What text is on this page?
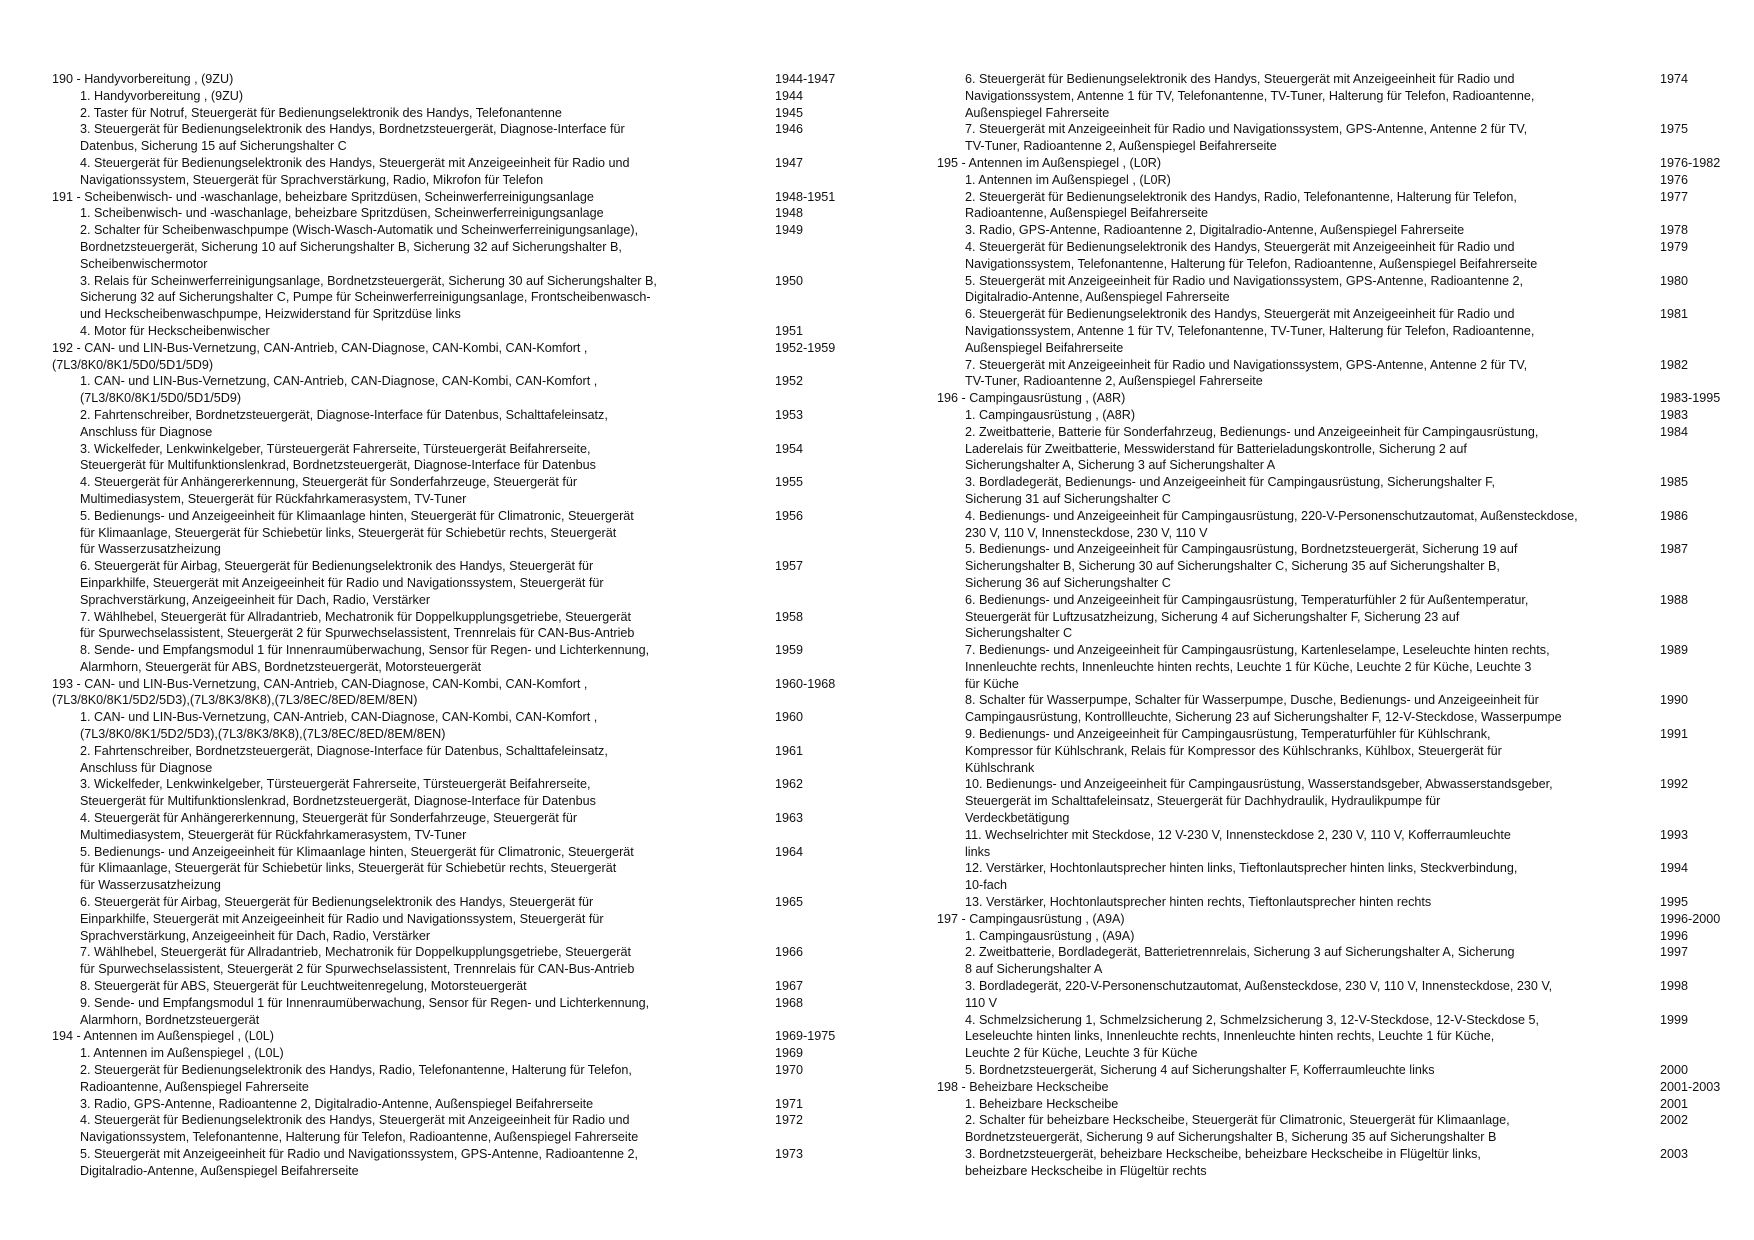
190 - Handyvorbereitung , (9ZU)	1944-1947
1. Handyvorbereitung , (9ZU)	1944
2. Taster für Notruf, Steuergerät für Bedienungselektronik des Handys, Telefonantenne	1945
3. Steuergerät für Bedienungselektronik des Handys, Bordnetzsteuergerät, Diagnose-Interface für
Datenbus, Sicherung 15 auf Sicherungshalter C
1946
4. Steuergerät für Bedienungselektronik des Handys, Steuergerät mit Anzeigeeinheit für Radio und
Navigationssystem, Steuergerät für Sprachverstärkung, Radio, Mikrofon für Telefon
1947
191 - Scheibenwisch- und -waschanlage, beheizbare Spritzdüsen, Scheinwerferreinigungsanlage	1948-1951
1. Scheibenwisch- und -waschanlage, beheizbare Spritzdüsen, Scheinwerferreinigungsanlage	1948
2. Schalter für Scheibenwaschpumpe (Wisch-Wasch-Automatik und Scheinwerferreinigungsanlage),
Bordnetzsteuergerät, Sicherung 10 auf Sicherungshalter B, Sicherung 32 auf Sicherungshalter B,
Scheibenwischermotor
1949
3. Relais für Scheinwerferreinigungsanlage, Bordnetzsteuergerät, Sicherung 30 auf Sicherungshalter B,
Sicherung 32 auf Sicherungshalter C, Pumpe für Scheinwerferreinigungsanlage, Frontscheibenwasch-
und Heckscheibenwaschpumpe, Heizwiderstand für Spritzdüse links
1950
4. Motor für Heckscheibenwischer	1951
192 - CAN- und LIN-Bus-Vernetzung, CAN-Antrieb, CAN-Diagnose, CAN-Kombi, CAN-Komfort ,
(7L3/8K0/8K1/5D0/5D1/5D9)
1952-1959
1. CAN- und LIN-Bus-Vernetzung, CAN-Antrieb, CAN-Diagnose, CAN-Kombi, CAN-Komfort ,
(7L3/8K0/8K1/5D0/5D1/5D9)
1952
2. Fahrtenschreiber, Bordnetzsteuergerät, Diagnose-Interface für Datenbus, Schalttafeleinsatz,
Anschluss für Diagnose
1953
3. Wickelfeder, Lenkwinkelgeber, Türsteuergerät Fahrerseite, Türsteuergerät Beifahrerseite,
Steuergerät für Multifunktionslenkrad, Bordnetzsteuergerät, Diagnose-Interface für Datenbus
1954
4. Steuergerät für Anhängererkennung, Steuergerät für Sonderfahrzeuge, Steuergerät für
Multimediasystem, Steuergerät für Rückfahrkamerasystem, TV-Tuner
1955
5. Bedienungs- und Anzeigeeinheit für Klimaanlage hinten, Steuergerät für Climatronic, Steuergerät
für Klimaanlage, Steuergerät für Schiebetür links, Steuergerät für Schiebetür rechts, Steuergerät
für Wasserzusatzheizung
1956
6. Steuergerät für Airbag, Steuergerät für Bedienungselektronik des Handys, Steuergerät für
Einparkhilfe, Steuergerät mit Anzeigeeinheit für Radio und Navigationssystem, Steuergerät für
Sprachverstärkung, Anzeigeeinheit für Dach, Radio, Verstärker
1957
7. Wählhebel, Steuergerät für Allradantrieb, Mechatronik für Doppelkupplungsgetriebe, Steuergerät
für Spurwechselassistent, Steuergerät 2 für Spurwechselassistent, Trennrelais für CAN-Bus-Antrieb
1958
8. Sende- und Empfangsmodul 1 für Innenraumüberwachung, Sensor für Regen- und Lichterkennung,
Alarmhorn, Steuergerät für ABS, Bordnetzsteuergerät, Motorsteuergerät
1959
193 - CAN- und LIN-Bus-Vernetzung, CAN-Antrieb, CAN-Diagnose, CAN-Kombi, CAN-Komfort ,
(7L3/8K0/8K1/5D2/5D3),(7L3/8K3/8K8),(7L3/8EC/8ED/8EM/8EN)
1960-1968
1. CAN- und LIN-Bus-Vernetzung, CAN-Antrieb, CAN-Diagnose, CAN-Kombi, CAN-Komfort ,
(7L3/8K0/8K1/5D2/5D3),(7L3/8K3/8K8),(7L3/8EC/8ED/8EM/8EN)
1960
2. Fahrtenschreiber, Bordnetzsteuergerät, Diagnose-Interface für Datenbus, Schalttafeleinsatz,
Anschluss für Diagnose
1961
3. Wickelfeder, Lenkwinkelgeber, Türsteuergerät Fahrerseite, Türsteuergerät Beifahrerseite,
Steuergerät für Multifunktionslenkrad, Bordnetzsteuergerät, Diagnose-Interface für Datenbus
1962
4. Steuergerät für Anhängererkennung, Steuergerät für Sonderfahrzeuge, Steuergerät für
Multimediasystem, Steuergerät für Rückfahrkamerasystem, TV-Tuner
1963
5. Bedienungs- und Anzeigeeinheit für Klimaanlage hinten, Steuergerät für Climatronic, Steuergerät
für Klimaanlage, Steuergerät für Schiebetür links, Steuergerät für Schiebetür rechts, Steuergerät
für Wasserzusatzheizung
1964
6. Steuergerät für Airbag, Steuergerät für Bedienungselektronik des Handys, Steuergerät für
Einparkhilfe, Steuergerät mit Anzeigeeinheit für Radio und Navigationssystem, Steuergerät für
Sprachverstärkung, Anzeigeeinheit für Dach, Radio, Verstärker
1965
7. Wählhebel, Steuergerät für Allradantrieb, Mechatronik für Doppelkupplungsgetriebe, Steuergerät
für Spurwechselassistent, Steuergerät 2 für Spurwechselassistent, Trennrelais für CAN-Bus-Antrieb
1966
8. Steuergerät für ABS, Steuergerät für Leuchtweitenregelung, Motorsteuergerät	1967
9. Sende- und Empfangsmodul 1 für Innenraumüberwachung, Sensor für Regen- und Lichterkennung,
Alarmhorn, Bordnetzsteuergerät
1968
194 - Antennen im Außenspiegel , (L0L)	1969-1975
1. Antennen im Außenspiegel , (L0L)	1969
2. Steuergerät für Bedienungselektronik des Handys, Radio, Telefonantenne, Halterung für Telefon,
Radioantenne, Außenspiegel Fahrerseite
1970
3. Radio, GPS-Antenne, Radioantenne 2, Digitalradio-Antenne, Außenspiegel Beifahrerseite	1971
4. Steuergerät für Bedienungselektronik des Handys, Steuergerät mit Anzeigeeinheit für Radio und
Navigationssystem, Telefonantenne, Halterung für Telefon, Radioantenne, Außenspiegel Fahrerseite
1972
5. Steuergerät mit Anzeigeeinheit für Radio und Navigationssystem, GPS-Antenne, Radioantenne 2,
Digitalradio-Antenne, Außenspiegel Beifahrerseite
1973
6. Steuergerät für Bedienungselektronik des Handys, Steuergerät mit Anzeigeeinheit für Radio und
Navigationssystem, Antenne 1 für TV, Telefonantenne, TV-Tuner, Halterung für Telefon, Radioantenne,
Außenspiegel Fahrerseite
1974
7. Steuergerät mit Anzeigeeinheit für Radio und Navigationssystem, GPS-Antenne, Antenne 2 für TV,
TV-Tuner, Radioantenne 2, Außenspiegel Beifahrerseite
1975
195 - Antennen im Außenspiegel , (L0R)	1976-1982
1. Antennen im Außenspiegel , (L0R)	1976
2. Steuergerät für Bedienungselektronik des Handys, Radio, Telefonantenne, Halterung für Telefon,
Radioantenne, Außenspiegel Beifahrerseite
1977
3. Radio, GPS-Antenne, Radioantenne 2, Digitalradio-Antenne, Außenspiegel Fahrerseite	1978
4. Steuergerät für Bedienungselektronik des Handys, Steuergerät mit Anzeigeeinheit für Radio und
Navigationssystem, Telefonantenne, Halterung für Telefon, Radioantenne, Außenspiegel Beifahrerseite
1979
5. Steuergerät mit Anzeigeeinheit für Radio und Navigationssystem, GPS-Antenne, Radioantenne 2,
Digitalradio-Antenne, Außenspiegel Fahrerseite
1980
6. Steuergerät für Bedienungselektronik des Handys, Steuergerät mit Anzeigeeinheit für Radio und
Navigationssystem, Antenne 1 für TV, Telefonantenne, TV-Tuner, Halterung für Telefon, Radioantenne,
Außenspiegel Beifahrerseite
1981
7. Steuergerät mit Anzeigeeinheit für Radio und Navigationssystem, GPS-Antenne, Antenne 2 für TV,
TV-Tuner, Radioantenne 2, Außenspiegel Fahrerseite
1982
196 - Campingausrüstung , (A8R)	1983-1995
1. Campingausrüstung , (A8R)	1983
2. Zweitbatterie, Batterie für Sonderfahrzeug, Bedienungs- und Anzeigeeinheit für Campingausrüstung,
Laderelais für Zweitbatterie, Messwiderstand für Batterieladungskontrolle, Sicherung 2 auf
Sicherungshalter A, Sicherung 3 auf Sicherungshalter A
1984
3. Bordladegerät, Bedienungs- und Anzeigeeinheit für Campingausrüstung, Sicherungshalter F,
Sicherung 31 auf Sicherungshalter C
1985
4. Bedienungs- und Anzeigeeinheit für Campingausrüstung, 220-V-Personenschutzautomat, Außensteckdose,
230 V, 110 V, Innensteckdose, 230 V, 110 V
1986
5. Bedienungs- und Anzeigeeinheit für Campingausrüstung, Bordnetzsteuergerät, Sicherung 19 auf
Sicherungshalter B, Sicherung 30 auf Sicherungshalter C, Sicherung 35 auf Sicherungshalter B,
Sicherung 36 auf Sicherungshalter C
1987
6. Bedienungs- und Anzeigeeinheit für Campingausrüstung, Temperaturfühler 2 für Außentemperatur,
Steuergerät für Luftzusatzheizung, Sicherung 4 auf Sicherungshalter F, Sicherung 23 auf
Sicherungshalter C
1988
7. Bedienungs- und Anzeigeeinheit für Campingausrüstung, Kartenleselampe, Leseleuchte hinten rechts,
Innenleuchte rechts, Innenleuchte hinten rechts, Leuchte 1 für Küche, Leuchte 2 für Küche, Leuchte 3
für Küche
1989
8. Schalter für Wasserpumpe, Schalter für Wasserpumpe, Dusche, Bedienungs- und Anzeigeeinheit für
Campingausrüstung, Kontrollleuchte, Sicherung 23 auf Sicherungshalter F, 12-V-Steckdose, Wasserpumpe
1990
9. Bedienungs- und Anzeigeeinheit für Campingausrüstung, Temperaturfühler für Kühlschrank,
Kompressor für Kühlschrank, Relais für Kompressor des Kühlschranks, Kühlbox, Steuergerät für
Kühlschrank
1991
10. Bedienungs- und Anzeigeeinheit für Campingausrüstung, Wasserstandsgeber, Abwasserstandsgeber,
Steuergerät im Schalttafeleinsatz, Steuergerät für Dachhydraulik, Hydraulikpumpe für
Verdeckbetätigung
1992
11. Wechselrichter mit Steckdose, 12 V-230 V, Innensteckdose 2, 230 V, 110 V, Kofferraumleuchte
links
1993
12. Verstärker, Hochtonlautsprecher hinten links, Tieftonlautsprecher hinten links, Steckverbindung,
10-fach
1994
13. Verstärker, Hochtonlautsprecher hinten rechts, Tieftonlautsprecher hinten rechts	1995
197 - Campingausrüstung , (A9A)	1996-2000
1. Campingausrüstung , (A9A)	1996
2. Zweitbatterie, Bordladegerät, Batterietrennrelais, Sicherung 3 auf Sicherungshalter A, Sicherung
8 auf Sicherungshalter A
1997
3. Bordladegerät, 220-V-Personenschutzautomat, Außensteckdose, 230 V, 110 V, Innensteckdose, 230 V,
110 V
1998
4. Schmelzsicherung 1, Schmelzsicherung 2, Schmelzsicherung 3, 12-V-Steckdose, 12-V-Steckdose 5,
Leseleuchte hinten links, Innenleuchte rechts, Innenleuchte hinten rechts, Leuchte 1 für Küche,
Leuchte 2 für Küche, Leuchte 3 für Küche
1999
5. Bordnetzsteuergerät, Sicherung 4 auf Sicherungshalter F, Kofferraumleuchte links	2000
198 - Beheizbare Heckscheibe	2001-2003
1. Beheizbare Heckscheibe	2001
2. Schalter für beheizbare Heckscheibe, Steuergerät für Climatronic, Steuergerät für Klimaanlage,
Bordnetzsteuergerät, Sicherung 9 auf Sicherungshalter B, Sicherung 35 auf Sicherungshalter B
2002
3. Bordnetzsteuergerät, beheizbare Heckscheibe, beheizbare Heckscheibe in Flügeltür links,
beheizbare Heckscheibe in Flügeltür rechts
2003
